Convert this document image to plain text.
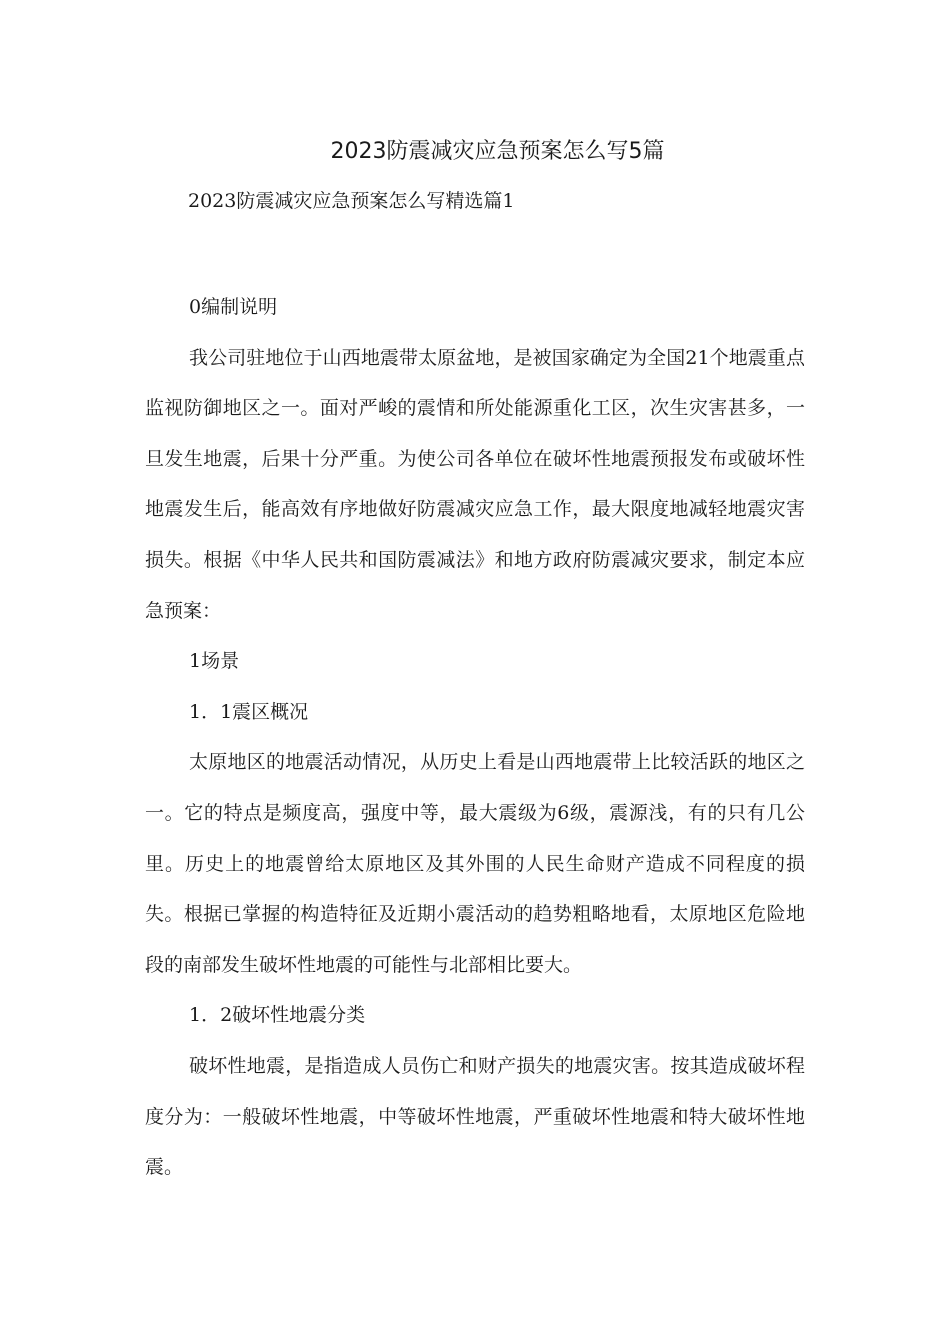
2023防震减灾应急预案怎么写5篇

2023防震减灾应急预案怎么写精选篇1

0编制说明

我公司驻地位于山西地震带太原盆地，是被国家确定为全国21个地震重点监视防御地区之一。面对严峻的震情和所处能源重化工区，次生灾害甚多，一旦发生地震，后果十分严重。为使公司各单位在破坏性地震预报发布或破坏性地震发生后，能高效有序地做好防震减灾应急工作，最大限度地减轻地震灾害损失。根据《中华人民共和国防震减法》和地方政府防震减灾要求，制定本应急预案：

1场景

1．1震区概况

太原地区的地震活动情况，从历史上看是山西地震带上比较活跃的地区之一。它的特点是频度高，强度中等，最大震级为6级，震源浅，有的只有几公里。历史上的地震曾给太原地区及其外围的人民生命财产造成不同程度的损失。根据已掌握的构造特征及近期小震活动的趋势粗略地看，太原地区危险地段的南部发生破坏性地震的可能性与北部相比要大。

1．2破坏性地震分类

破坏性地震，是指造成人员伤亡和财产损失的地震灾害。按其造成破坏程度分为：一般破坏性地震，中等破坏性地震，严重破坏性地震和特大破坏性地震。
